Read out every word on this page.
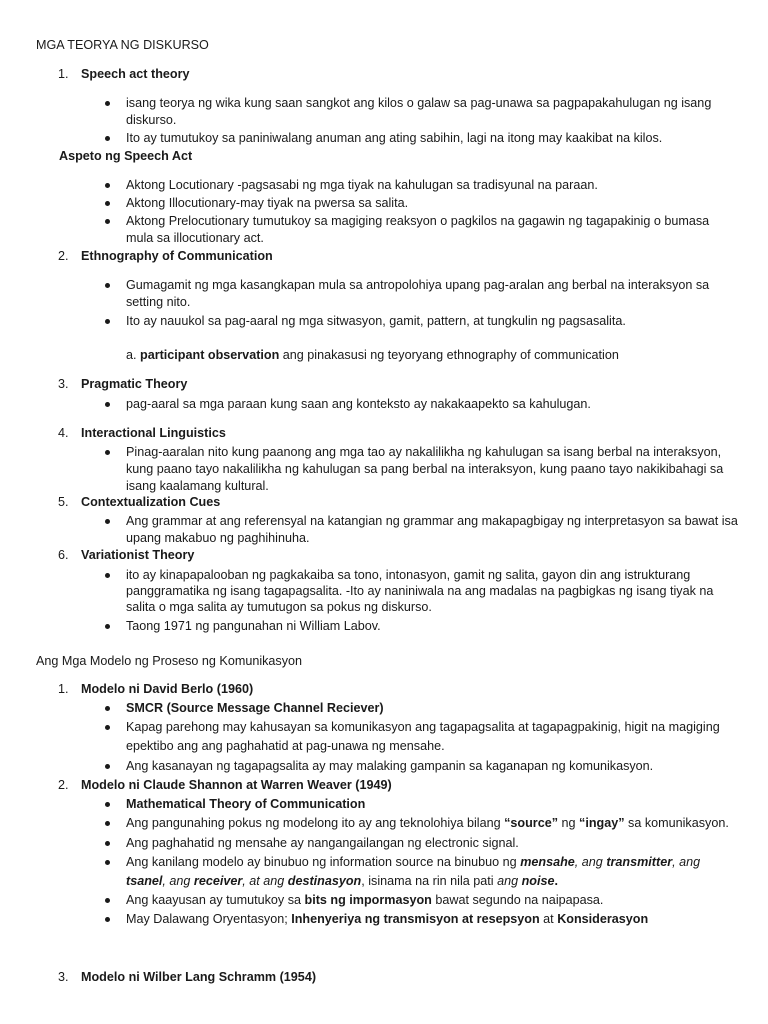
MGA TEORYA NG DISKURSO
1. Speech act theory
isang teorya ng wika kung saan sangkot ang kilos o galaw sa pag-unawa sa pagpapakahulugan ng isang
diskurso.
Ito ay tumutukoy sa paniniwalang anuman ang ating sabihin, lagi na itong may kaakibat na kilos.
Aspeto ng Speech Act
Aktong Locutionary -pagsasabi ng mga tiyak na kahulugan sa tradisyunal na paraan.
Aktong Illocutionary-may tiyak na pwersa sa salita.
Aktong Prelocutionary tumutukoy sa magiging reaksyon o pagkilos na gagawin ng tagapakinig o bumasa
mula sa illocutionary act.
2. Ethnography of Communication
Gumagamit ng mga kasangkapan mula sa antropolohiya upang pag-aralan ang berbal na interaksyon sa
setting nito.
Ito ay nauukol sa pag-aaral ng mga sitwasyon, gamit, pattern, at tungkulin ng pagsasalita.
a. participant observation ang pinakasusi ng teyoryang ethnography of communication
3. Pragmatic Theory
pag-aaral sa mga paraan kung saan ang konteksto ay nakakaapekto sa kahulugan.
4. Interactional Linguistics
Pinag-aaralan nito kung paanong ang mga tao ay nakalilikha ng kahulugan sa isang berbal na interaksyon,
kung paano tayo nakalilikha ng kahulugan sa pang berbal na interaksyon, kung paano tayo nakikibahagi sa
isang kaalamang kultural.
5. Contextualization Cues
Ang grammar at ang referensyal na katangian ng grammar ang makapagbigay ng interpretasyon sa bawat isa
upang makabuo ng paghihinuha.
6. Variationist Theory
ito ay kinapapalooban ng pagkakaiba sa tono, intonasyon, gamit ng salita, gayon din ang istrukturang
panggramatika ng isang tagapagsalita. -Ito ay naniniwala na ang madalas na pagbigkas ng isang tiyak na
salita o mga salita ay tumutugon sa pokus ng diskurso.
Taong 1971 ng pangunahan ni William Labov.
Ang Mga Modelo ng Proseso ng Komunikasyon
1. Modelo ni David Berlo (1960)
SMCR (Source Message Channel Reciever)
Kapag parehong may kahusayan sa komunikasyon ang tagapagsalita at tagapagpakinig, higit na magiging
epektibo ang ang paghahatid at pag-unawa ng mensahe.
Ang kasanayan ng tagapagsalita ay may malaking gampanin sa kaganapan ng komunikasyon.
2. Modelo ni Claude Shannon at Warren Weaver (1949)
Mathematical Theory of Communication
Ang pangunahing pokus ng modelong ito ay ang teknolohiya bilang “source” ng “ingay” sa komunikasyon.
Ang paghahatid ng mensahe ay nangangailangan ng electronic signal.
Ang kanilang modelo ay binubuo ng information source na binubuo ng mensahe, ang transmitter, ang
tsanel, ang receiver, at ang destinasyon, isinama na rin nila pati ang noise.
Ang kaayusan ay tumutukoy sa bits ng impormasyon bawat segundo na naipapasa.
May Dalawang Oryentasyon; Inhenyeriya ng transmisyon at resepsyon at Konsiderasyon
3. Modelo ni Wilber Lang Schramm (1954)
